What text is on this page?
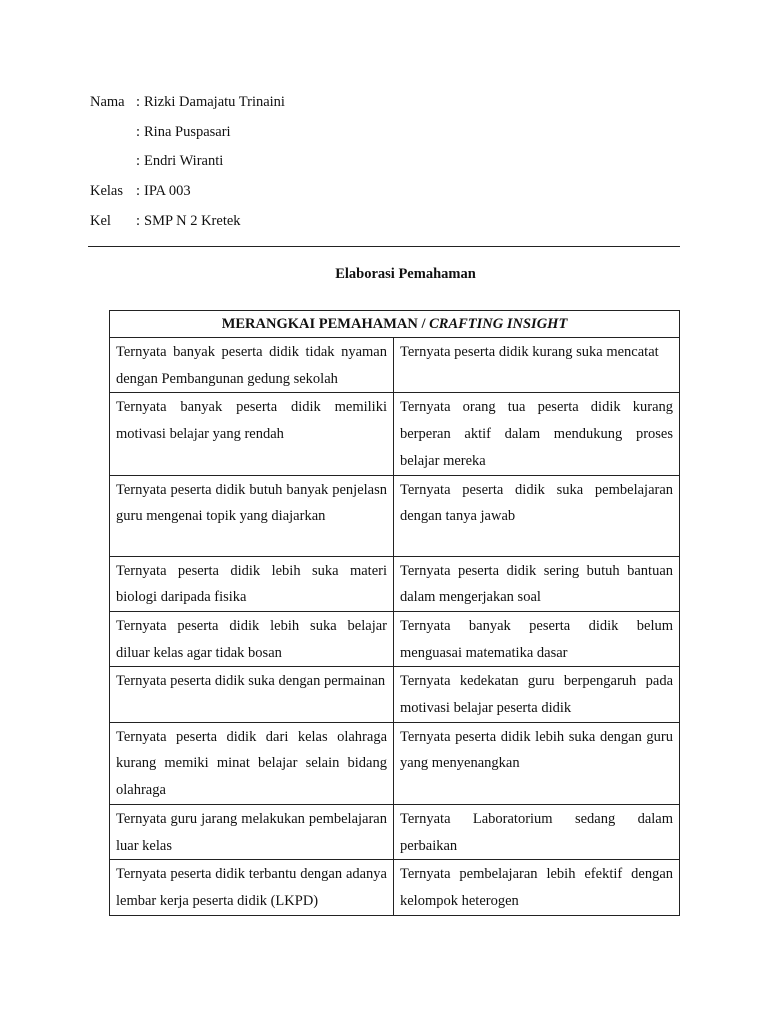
Nama : Rizki Damajatu Trinaini
: Rina Puspasari
: Endri Wiranti
Kelas : IPA 003
Kel	: SMP N 2 Kretek
Elaborasi Pemahaman
MERANGKAI PEMAHAMAN / CRAFTING INSIGHT	
Ternyata banyak peserta didik tidak nyaman dengan Pembangunan gedung sekolah	Ternyata peserta didik kurang suka mencatat
Ternyata banyak peserta didik memiliki motivasi belajar yang rendah	Ternyata orang tua peserta didik kurang berperan aktif dalam mendukung proses belajar mereka
Ternyata peserta didik butuh banyak penjelasn guru mengenai topik yang diajarkan	Ternyata peserta didik suka pembelajaran dengan tanya jawab
Ternyata peserta didik lebih suka materi biologi daripada fisika	Ternyata peserta didik sering butuh bantuan dalam mengerjakan soal
Ternyata peserta didik lebih suka belajar diluar kelas agar tidak bosan	Ternyata banyak peserta didik belum menguasai matematika dasar
Ternyata peserta didik suka dengan permainan	Ternyata kedekatan guru berpengaruh pada motivasi belajar peserta didik
Ternyata peserta didik dari kelas olahraga kurang memiki minat belajar selain bidang olahraga	Ternyata peserta didik lebih suka dengan guru yang menyenangkan
Ternyata guru jarang melakukan pembelajaran luar kelas	Ternyata Laboratorium sedang dalam perbaikan
Ternyata peserta didik terbantu dengan adanya lembar kerja peserta didik (LKPD)	Ternyata pembelajaran lebih efektif dengan kelompok heterogen
